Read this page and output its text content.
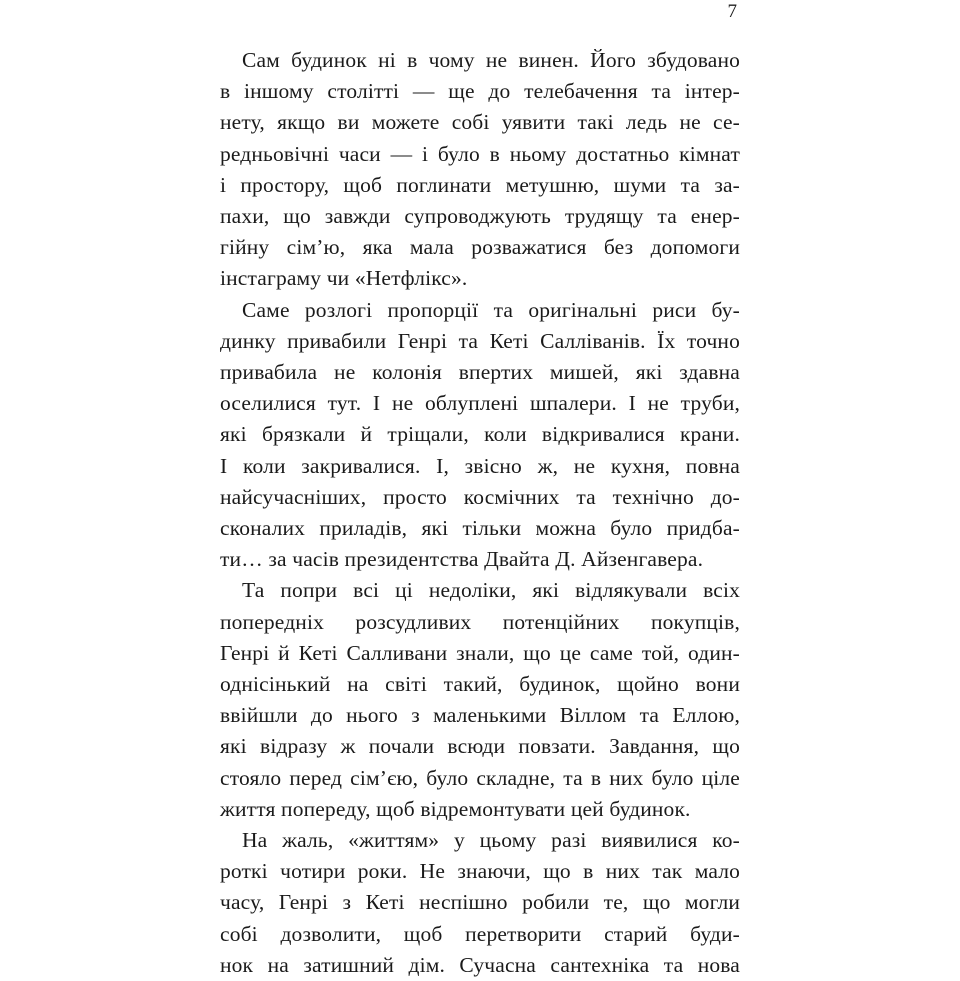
7

Сам будинок ні в чому не винен. Його збудовано
в іншому столітті — ще до телебачення та інтер-
нету, якщо ви можете собі уявити такі ледь не се-
редньовічні часи — і було в ньому достатньо кімнат
і простору, щоб поглинати метушню, шуми та за-
пахи, що завжди супроводжують трудящу та енер-
гійну сім’ю, яка мала розважатися без допомоги
інстаграму чи «Нетфлікс».

Саме розлогі пропорції та оригінальні риси бу-
динку привабили Генрі та Кеті Салліванів. Їх точно
привабила не колонія впертих мишей, які здавна
оселилися тут. І не облуплені шпалери. І не труби,
які брязкали й тріщали, коли відкривалися крани.
І коли закривалися. І, звісно ж, не кухня, повна
найсучасніших, просто космічних та технічно до-
сконалих приладів, які тільки можна було придба-
ти… за часів президентства Двайта Д. Айзенгавера.

Та попри всі ці недоліки, які відлякували всіх
попередніх розсудливих потенційних покупців,
Генрі й Кеті Салливани знали, що це саме той, один-
однісінький на світі такий, будинок, щойно вони
ввійшли до нього з маленькими Віллом та Еллою,
які відразу ж почали всюди повзати. Завдання, що
стояло перед сім’єю, було складне, та в них було ціле
життя попереду, щоб відремонтувати цей будинок.

На жаль, «життям» у цьому разі виявилися ко-
роткі чотири роки. Не знаючи, що в них так мало
часу, Генрі з Кеті неспішно робили те, що могли
собі дозволити, щоб перетворити старий буди-
нок на затишний дім. Сучасна сантехніка та нова
